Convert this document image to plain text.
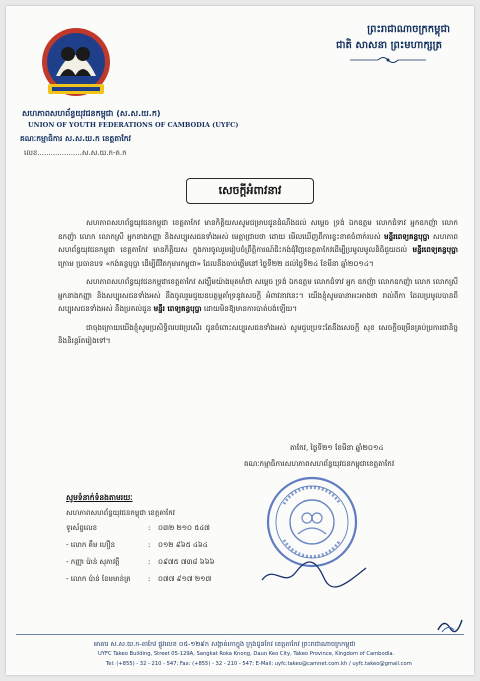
សហភាពសហព័ន្ធយុវជនកម្ពុជា (ស.ស.យ.ក)
UNION OF YOUTH FEDERATIONS OF CAMBODIA (UYFC)
គណៈកម្មាធិការ ស.ស.យ.ក ខេត្តតាកែវ
លេខ....................ស.ស.យ.ក-ត.ក
ព្រះរាជាណាចក្រកម្ពុជា
ជាតិ សាសនា ព្រះមហាក្សត្រ
សេចក្តីអំពាវនាវ

សហភាពសហព័ន្ធយុវជនកម្ពុជា ខេត្តតាកែវ មានកិត្តិយសសូមជម្រាបជូនដំណឹងដល់ សម្តេច ទ្រង់ ឯកឧត្តម លោកជំទាវ អ្នកឧកញ៉ា លោកឧកញ៉ា លោក លោកស្រី អ្នកនាងកញ្ញា និងសប្បុរសជនទាំងអស់ មេត្តាជ្រាបថា ដោយ មើលឃើញពីការខ្វះខាតចំពាក់របស់ មន្ទីរពេទ្យគន្ធបុប្ផា សហភាពសហព័ន្ធយុវជនកម្ពុជា ខេត្តតាកែវ មានកិត្តិយស ក្នុងការចូលរួមរៀបចំព្រឹត្តិការណ៍ជិះកង់ជុំវិញខេត្តតាកែវដើម្បីប្រមូលមូលនិធិជួយដល់ មន្ទីរពេទ្យគន្ធបុប្ផា ក្រោម ប្រធានបទ «កង់គន្ធបុប្ផា ដើម្បីជីវិតកុមារកម្ពុជា» ដែលនឹងចាប់ផ្តើមនៅ ថ្ងៃទី២២ ដល់ថ្ងៃទី២៤ ខែមីនា ឆ្នាំ២០១៤។

សហភាពសហព័ន្ធយុវជនកម្ពុជាខេត្តតាកែវ សង្ឃឹមយ៉ាងមុតមាំថា សម្តេច ទ្រង់ ឯកឧត្តម លោកជំទាវ អ្នក ឧកញ៉ា លោកឧកញ៉ា លោក លោកស្រី អ្នកនាងកញ្ញា និងសប្បុរសជនទាំងអស់ នឹងចូលរួមជួយឧបត្ថម្ភគាំទ្រនូវសេចក្តី អំពាវនាវនេះ។ យើងខ្ញុំសូមធានាអះអាងថា រាល់ពីកា ដែលប្រមូលបានពីសប្បុរសជនទាំងអស់ នឹងប្រគល់ជូន មន្ទីរ ពេទ្យគន្ធបុប្ផា ដោយមិនឱ្យមានការបាត់បង់ឡើយ។

ជាចុងក្រោយយើងខ្ញុំសូមប្រសិទ្ធិពរបវរប្រសើរ ជូនចំពោះសប្បុរសជនទាំងអស់ សូមជួបប្រទះតែនឹងសេចក្តី សុខ សេចក្តីចម្រើនគ្រប់ប្រការជានិច្ចនិងនិរន្តរ៍តរៀងទៅ។

តាកែវ, ថ្ងៃទី២១ ខែមីនា ឆ្នាំ២០១៤
គណៈកម្មាធិការសហភាពសហព័ន្ធយុវជនកម្ពុជាខេត្តតាកែវ
សូមទំនាក់ទំនងតាមរយៈ
សហភាពសហព័ន្ធយុវជនកម្ពុជា ខេត្តតាកែវ
ទូរស័ព្ទលេខ	: ០៣២ ២១០ ៥៤៧
- លោក គឹម ហឿន	: ០១២ ៩៦៥ ៤៦៤
- កញ្ញា ប៉ាន់ សុភាវត្តី	: ០៩៧៥ ៧៣៨ ៦៦៦
- លោក ប៉ាន់ ខែមមាន់ត្រ : ០៧៧ ៩១៧ ២១៧
អាគារ ស.ស.យ.ក-តាកែវ ផ្លូវលេខ ០៥-១២៩ក សង្កាត់រកាក្នុង ក្រុងដូនកែវ ខេត្តតាកែវ ព្រះរាជាណាចក្រកម្ពុជា
UYFC Takeo Building, Street 05-129A, Sangkat Roka Knong, Daun Keo City, Takeo Province, Kingdom of Cambodia.
Tel: (+855) - 32 - 210 - 547; Fax: (+855) - 32 - 210 - 547; E-Mail: uyfc.takeo@camnet.com.kh / uyfc.takeo@gmail.com
